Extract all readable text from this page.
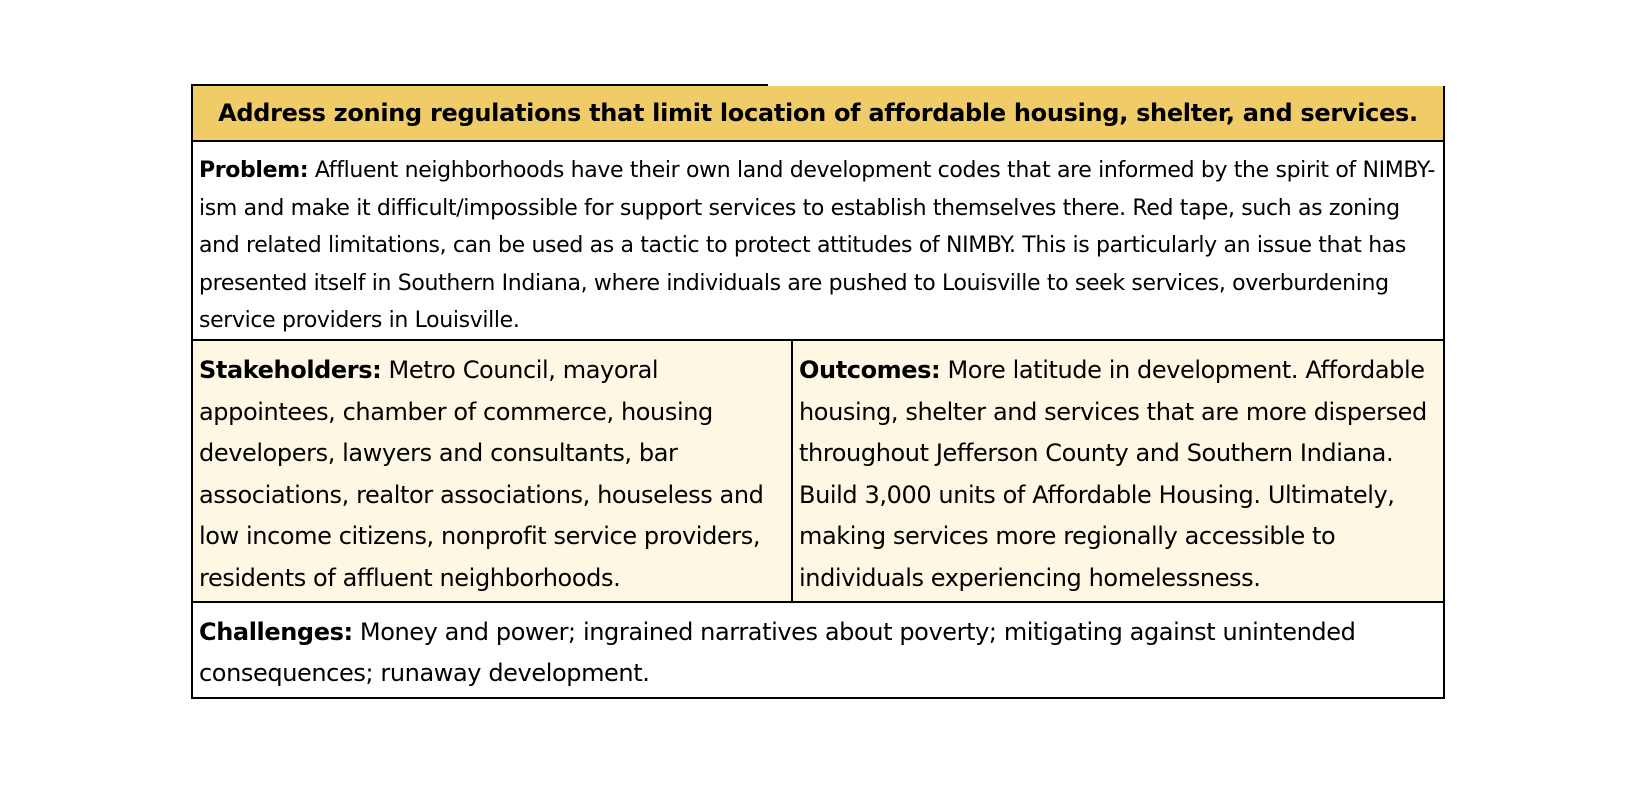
Address zoning regulations that limit location of affordable housing, shelter, and services.
Problem: Affluent neighborhoods have their own land development codes that are informed by the spirit of NIMBY-ism and make it difficult/impossible for support services to establish themselves there. Red tape, such as zoning and related limitations, can be used as a tactic to protect attitudes of NIMBY. This is particularly an issue that has presented itself in Southern Indiana, where individuals are pushed to Louisville to seek services, overburdening service providers in Louisville.
Stakeholders: Metro Council, mayoral appointees, chamber of commerce, housing developers, lawyers and consultants, bar associations, realtor associations, houseless and low income citizens, nonprofit service providers, residents of affluent neighborhoods.
Outcomes: More latitude in development. Affordable housing, shelter and services that are more dispersed throughout Jefferson County and Southern Indiana. Build 3,000 units of Affordable Housing. Ultimately, making services more regionally accessible to individuals experiencing homelessness.
Challenges: Money and power; ingrained narratives about poverty; mitigating against unintended consequences; runaway development.
